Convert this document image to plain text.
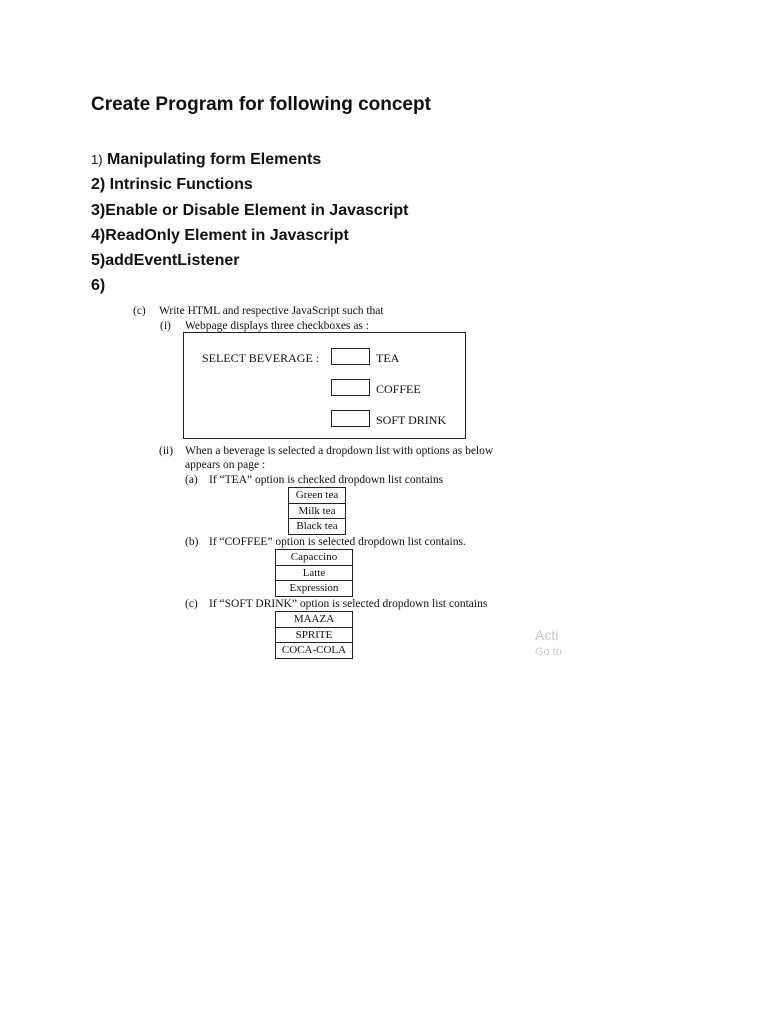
Create Program for following concept
1) Manipulating form Elements
2) Intrinsic Functions
3)Enable or Disable Element in Javascript
4)ReadOnly Element in Javascript
5)addEventListener
6)
(c) Write HTML and respective JavaScript such that
(i) Webpage displays three checkboxes as :
SELECT BEVERAGE :	TEA
COFFEE
SOFT DRINK
(ii) When a beverage is selected a dropdown list with options as below
appears on page :
(a) If “TEA” option is checked dropdown list contains
Green tea
Milk tea
Black tea
(b) If “COFFEE” option is selected dropdown list contains.
Capaccino
Latte
Expression
(c) If “SOFT DRINK” option is selected dropdown list contains
MAAZA
SPRITE
COCA-COLA
Acti
Go to
